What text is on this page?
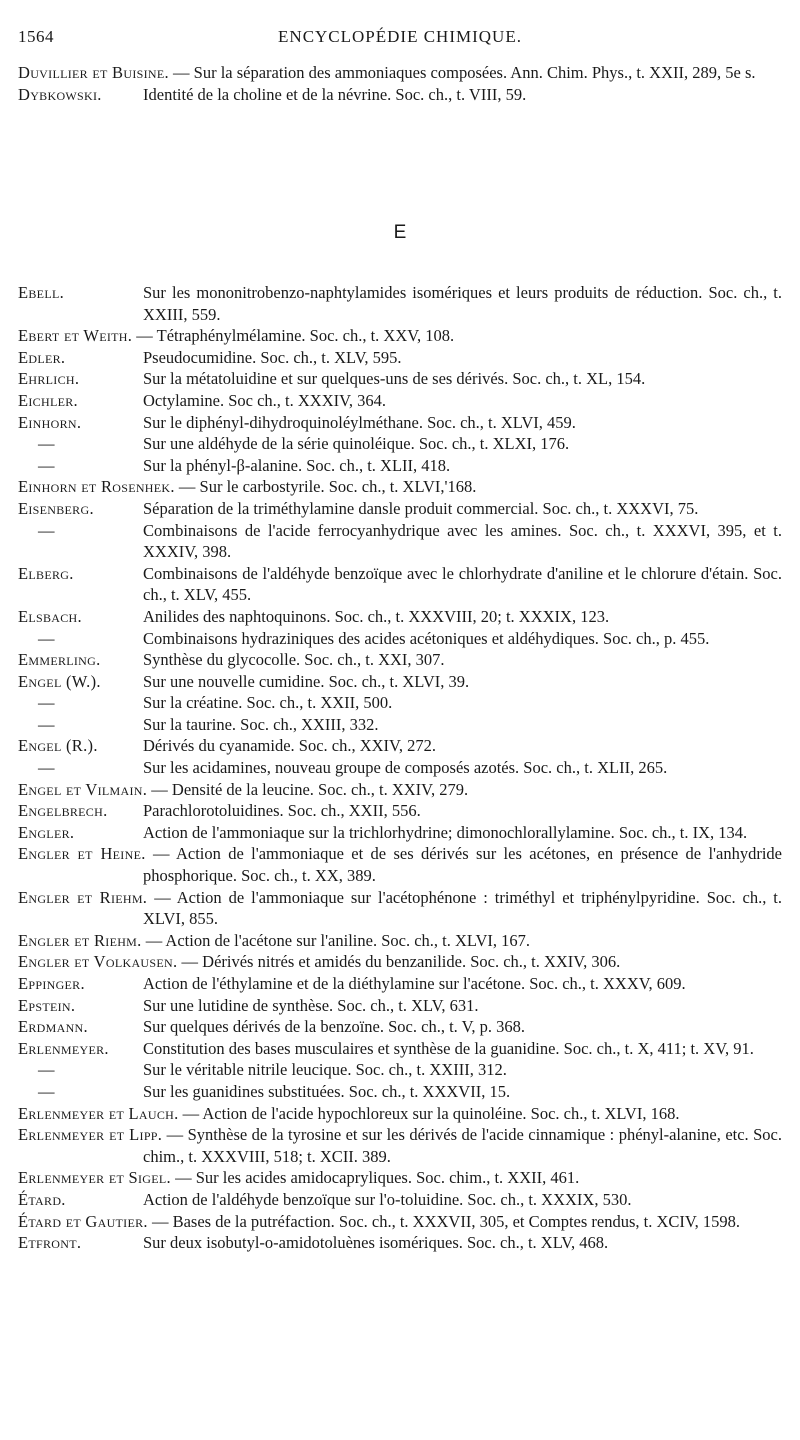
1564	ENCYCLOPÉDIE CHIMIQUE.
Duvillier et Buisine. — Sur la séparation des ammoniaques composées. Ann. Chim. Phys., t. XXII, 289, 5e s.
Dybkowski.	Identité de la choline et de la névrine. Soc. ch., t. VIII, 59.
E
Ebell.	Sur les mononitrobenzo-naphtylamides isomériques et leurs produits de réduction. Soc. ch., t. XXIII, 559.
Ebert et Weith. — Tétraphénylmélamine. Soc. ch., t. XXV, 108.
Edler.	Pseudocumidine. Soc. ch., t. XLV, 595.
Ehrlich.	Sur la métatoluidine et sur quelques-uns de ses dérivés. Soc. ch., t. XL, 154.
Eichler.	Octylamine. Soc ch., t. XXXIV, 364.
Einhorn.	Sur le diphényl-dihydroquinoléylméthane. Soc. ch., t. XLVI, 459.
—	Sur une aldéhyde de la série quinoléique. Soc. ch., t. XLXI, 176.
—	Sur la phényl-β-alanine. Soc. ch., t. XLII, 418.
Einhorn et Rosenhek. — Sur le carbostyrile. Soc. ch., t. XLVI,'168.
Eisenberg.	Séparation de la triméthylamine dansle produit commercial. Soc. ch., t. XXXVI, 75.
—	Combinaisons de l'acide ferrocyanhydrique avec les amines. Soc. ch., t. XXXVI, 395, et t. XXXIV, 398.
Elberg.	Combinaisons de l'aldéhyde benzoïque avec le chlorhydrate d'aniline et le chlorure d'étain. Soc. ch., t. XLV, 455.
Elsbach.	Anilides des naphtoquinons. Soc. ch., t. XXXVIII, 20; t. XXXIX, 123.
—	Combinaisons hydraziniques des acides acétoniques et aldéhydiques. Soc. ch., p. 455.
Emmerling.	Synthèse du glycocolle. Soc. ch., t. XXI, 307.
Engel (W.).	Sur une nouvelle cumidine. Soc. ch., t. XLVI, 39.
—	Sur la créatine. Soc. ch., t. XXII, 500.
—	Sur la taurine. Soc. ch., XXIII, 332.
Engel (R.).	Dérivés du cyanamide. Soc. ch., XXIV, 272.
—	Sur les acidamines, nouveau groupe de composés azotés. Soc. ch., t. XLII, 265.
Engel et Vilmain. — Densité de la leucine. Soc. ch., t. XXIV, 279.
Engelbrech.	Parachlorotoluidines. Soc. ch., XXII, 556.
Engler.	Action de l'ammoniaque sur la trichlorhydrine; dimonochlorallylamine. Soc. ch., t. IX, 134.
Engler et Heine. — Action de l'ammoniaque et de ses dérivés sur les acétones, en présence de l'anhydride phosphorique. Soc. ch., t. XX, 389.
Engler et Riehm. — Action de l'ammoniaque sur l'acétophénone : triméthyl et triphénylpyridine. Soc. ch., t. XLVI, 855.
Engler et Riehm. — Action de l'acétone sur l'aniline. Soc. ch., t. XLVI, 167.
Engler et Volkausen. — Dérivés nitrés et amidés du benzanilide. Soc. ch., t. XXIV, 306.
Eppinger.	Action de l'éthylamine et de la diéthylamine sur l'acétone. Soc. ch., t. XXXV, 609.
Epstein.	Sur une lutidine de synthèse. Soc. ch., t. XLV, 631.
Erdmann.	Sur quelques dérivés de la benzoïne. Soc. ch., t. V, p. 368.
Erlenmeyer.	Constitution des bases musculaires et synthèse de la guanidine. Soc. ch., t. X, 411; t. XV, 91.
—	Sur le véritable nitrile leucique. Soc. ch., t. XXIII, 312.
—	Sur les guanidines substituées. Soc. ch., t. XXXVII, 15.
Erlenmeyer et Lauch. — Action de l'acide hypochloreux sur la quinoléine. Soc. ch., t. XLVI, 168.
Erlenmeyer et Lipp. — Synthèse de la tyrosine et sur les dérivés de l'acide cinnamique : phényl-alanine, etc. Soc. chim., t. XXXVIII, 518; t. XCII. 389.
Erlenmeyer et Sigel. — Sur les acides amidocapryliques. Soc. chim., t. XXII, 461.
Étard.	Action de l'aldéhyde benzoïque sur l'o-toluidine. Soc. ch., t. XXXIX, 530.
Étard et Gautier. — Bases de la putréfaction. Soc. ch., t. XXXVII, 305, et Comptes rendus, t. XCIV, 1598.
Etfront.	Sur deux isobutyl-o-amidotoluènes isomériques. Soc. ch., t. XLV, 468.
